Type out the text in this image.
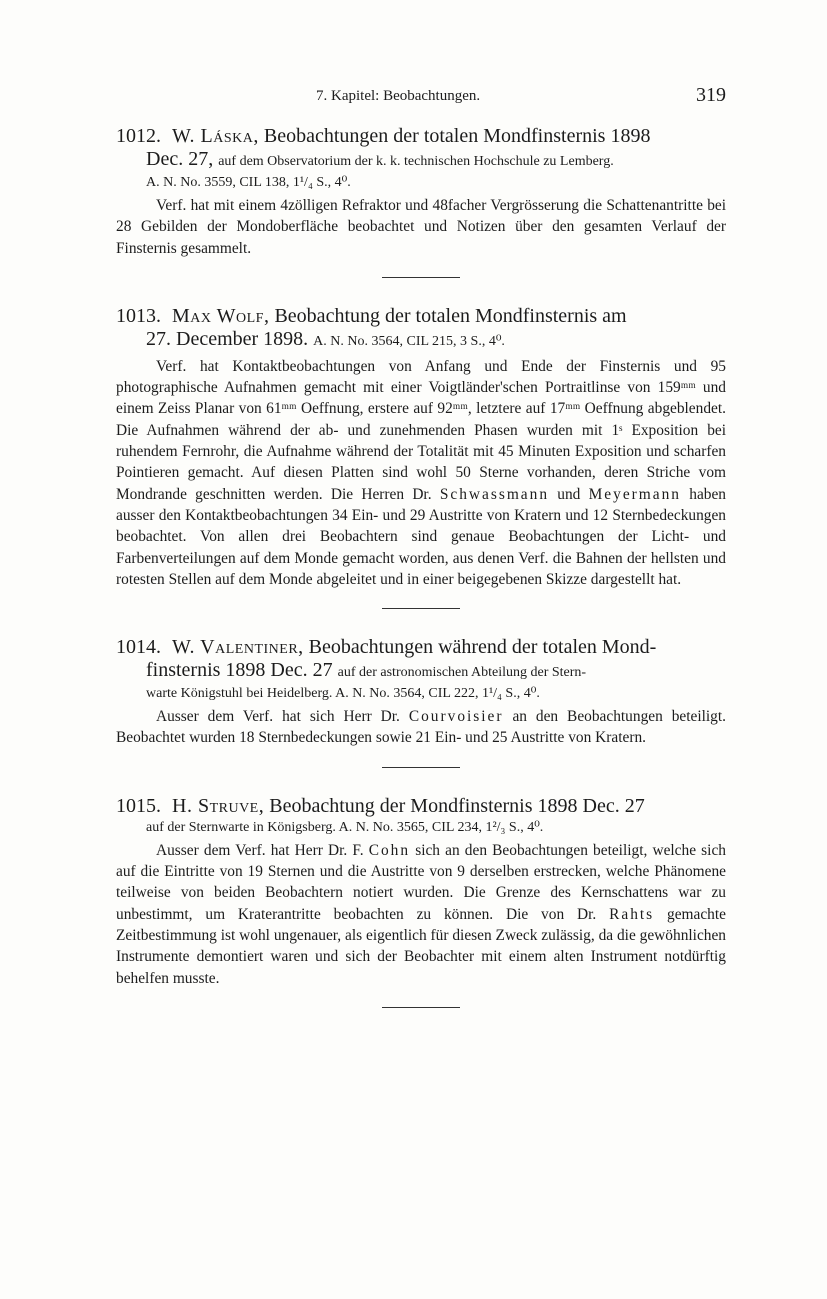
7. Kapitel: Beobachtungen.	319
1012. W. Láska, Beobachtungen der totalen Mondfinsternis 1898
Dec. 27, auf dem Observatorium der k. k. technischen Hochschule zu Lemberg.
A. N. No. 3559, CIL 138, 1¹/₄ S., 4⁰.

Verf. hat mit einem 4zölligen Refraktor und 48facher Vergrösserung die Schattenantritte bei 28 Gebilden der Mondoberfläche beobachtet und Notizen über den gesamten Verlauf der Finsternis gesammelt.

1013. Max Wolf, Beobachtung der totalen Mondfinsternis am
27. December 1898. A. N. No. 3564, CIL 215, 3 S., 4⁰.

Verf. hat Kontaktbeobachtungen von Anfang und Ende der Finsternis und 95 photographische Aufnahmen gemacht mit einer Voigtländer'schen Portraitlinse von 159ᵐᵐ und einem Zeiss Planar von 61ᵐᵐ Oeffnung, erstere auf 92ᵐᵐ, letztere auf 17ᵐᵐ Oeffnung abgeblendet. Die Aufnahmen während der ab- und zunehmenden Phasen wurden mit 1ˢ Exposition bei ruhendem Fernrohr, die Aufnahme während der Totalität mit 45 Minuten Exposition und scharfen Pointieren gemacht. Auf diesen Platten sind wohl 50 Sterne vorhanden, deren Striche vom Mondrande geschnitten werden. Die Herren Dr. Schwassmann und Meyermann haben ausser den Kontaktbeobachtungen 34 Ein- und 29 Austritte von Kratern und 12 Sternbedeckungen beobachtet. Von allen drei Beobachtern sind genaue Beobachtungen der Licht- und Farbenverteilungen auf dem Monde gemacht worden, aus denen Verf. die Bahnen der hellsten und rotesten Stellen auf dem Monde abgeleitet und in einer beigegebenen Skizze dargestellt hat.

1014. W. Valentiner, Beobachtungen während der totalen Mond-
finsternis 1898 Dec. 27 auf der astronomischen Abteilung der Stern-
warte Königstuhl bei Heidelberg. A. N. No. 3564, CIL 222, 1¹/₄ S., 4⁰.

Ausser dem Verf. hat sich Herr Dr. Courvoisier an den Beobachtungen beteiligt. Beobachtet wurden 18 Sternbedeckungen sowie 21 Ein- und 25 Austritte von Kratern.

1015. H. Struve, Beobachtung der Mondfinsternis 1898 Dec. 27
auf der Sternwarte in Königsberg. A. N. No. 3565, CIL 234, 1²/₃ S., 4⁰.

Ausser dem Verf. hat Herr Dr. F. Cohn sich an den Beobachtungen beteiligt, welche sich auf die Eintritte von 19 Sternen und die Austritte von 9 derselben erstrecken, welche Phänomene teilweise von beiden Beobachtern notiert wurden. Die Grenze des Kernschattens war zu unbestimmt, um Kraterantritte beobachten zu können. Die von Dr. Rahts gemachte Zeitbestimmung ist wohl ungenauer, als eigentlich für diesen Zweck zulässig, da die gewöhnlichen Instrumente demontiert waren und sich der Beobachter mit einem alten Instrument notdürftig behelfen musste.
